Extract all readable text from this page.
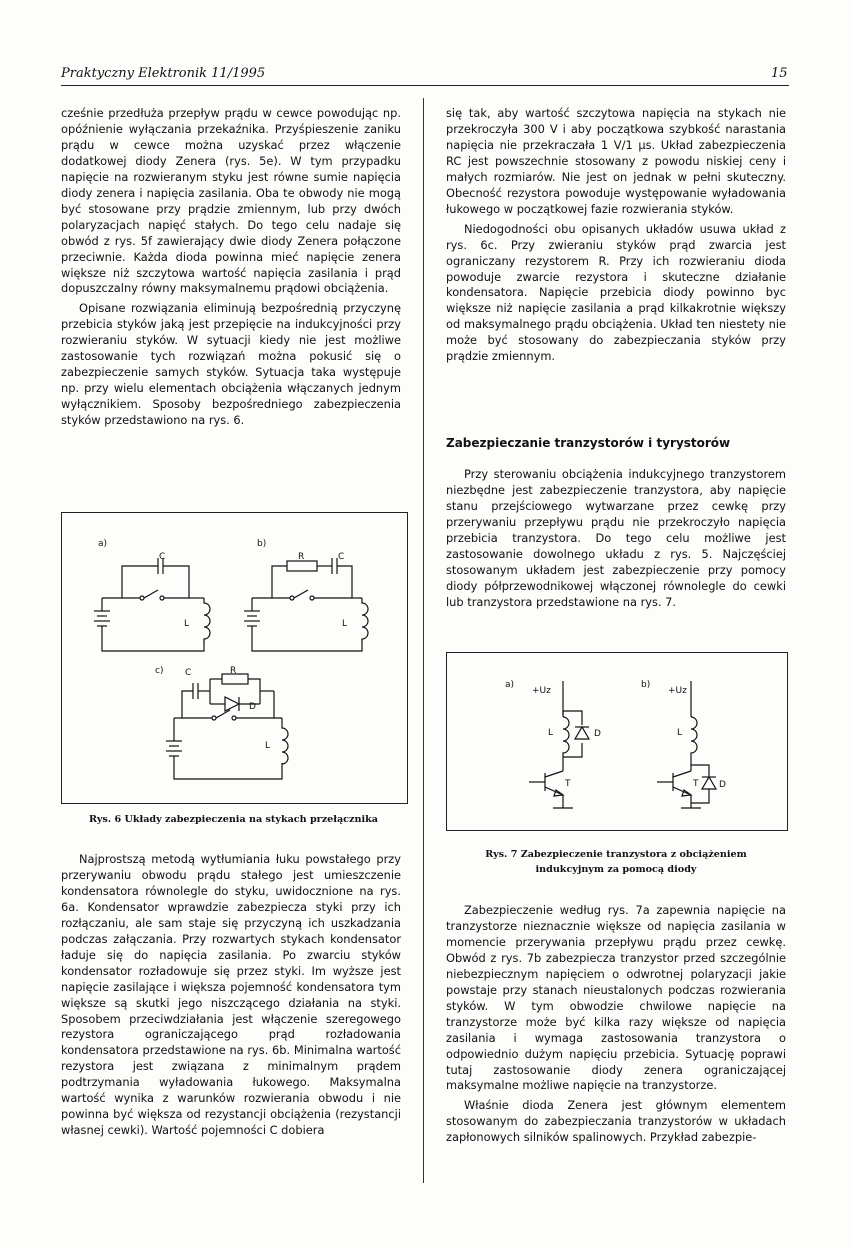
Praktyczny Elektronik 11/1995	15

cześnie przedłuża przepływ prądu w cewce powodując np. opóźnienie wyłączania przekaźnika. Przyśpieszenie zaniku prądu w cewce można uzyskać przez włączenie dodatkowej diody Zenera (rys. 5e). W tym przypadku napięcie na rozwieranym styku jest równe sumie napięcia diody zenera i napięcia zasilania. Oba te obwody nie mogą być stosowane przy prądzie zmiennym, lub przy dwóch polaryzacjach napięć stałych. Do tego celu nadaje się obwód z rys. 5f zawierający dwie diody Zenera połączone przeciwnie. Każda dioda powinna mieć napięcie zenera większe niż szczytowa wartość napięcia zasilania i prąd dopuszczalny równy maksymalnemu prądowi obciążenia.

Opisane rozwiązania eliminują bezpośrednią przyczynę przebicia styków jaką jest przepięcie na indukcyjności przy rozwieraniu styków. W sytuacji kiedy nie jest możliwe zastosowanie tych rozwiązań można pokusić się o zabezpieczenie samych styków. Sytuacja taka występuje np. przy wielu elementach obciążenia włączanych jednym wyłącznikiem. Sposoby bezpośredniego zabezpieczenia styków przedstawiono na rys. 6.

a)
C
L
b)
R	C
L
c) C	R
D
L
Rys. 6 Układy zabezpieczenia na stykach przełącznika

Najprostszą metodą wytłumiania łuku powstałego przy przerywaniu obwodu prądu stałego jest umieszczenie kondensatora równolegle do styku, uwidocznione na rys. 6a. Kondensator wprawdzie zabezpiecza styki przy ich rozłączaniu, ale sam staje się przyczyną ich uszkadzania podczas załączania. Przy rozwartych stykach kondensator ładuje się do napięcia zasilania. Po zwarciu styków kondensator rozładowuje się przez styki. Im wyższe jest napięcie zasilające i większa pojemność kondensatora tym większe są skutki jego niszczącego działania na styki. Sposobem przeciwdziałania jest włączenie szeregowego rezystora ograniczającego prąd rozładowania kondensatora przedstawione na rys. 6b. Minimalna wartość rezystora jest związana z minimalnym prądem podtrzymania wyładowania łukowego. Maksymalna wartość wynika z warunków rozwierania obwodu i nie powinna być większa od rezystancji obciążenia (rezystancji własnej cewki). Wartość pojemności C dobiera

się tak, aby wartość szczytowa napięcia na stykach nie przekroczyła 300 V i aby początkowa szybkość narastania napięcia nie przekraczała 1 V/1 µs. Układ zabezpieczenia RC jest powszechnie stosowany z powodu niskiej ceny i małych rozmiarów. Nie jest on jednak w pełni skuteczny. Obecność rezystora powoduje występowanie wyładowania łukowego w początkowej fazie rozwierania styków.

Niedogodności obu opisanych układów usuwa układ z rys. 6c. Przy zwieraniu styków prąd zwarcia jest ograniczany rezystorem R. Przy ich rozwieraniu dioda powoduje zwarcie rezystora i skuteczne działanie kondensatora. Napięcie przebicia diody powinno byc większe niż napięcie zasilania a prąd kilkakrotnie większy od maksymalnego prądu obciążenia. Układ ten niestety nie może być stosowany do zabezpieczania styków przy prądzie zmiennym.

Zabezpieczanie tranzystorów i tyrystorów

Przy sterowaniu obciążenia indukcyjnego tranzystorem niezbędne jest zabezpieczenie tranzystora, aby napięcie stanu przejściowego wytwarzane przez cewkę przy przerywaniu przepływu prądu nie przekroczyło napięcia przebicia tranzystora. Do tego celu możliwe jest zastosowanie dowolnego układu z rys. 5. Najczęściej stosowanym układem jest zabezpieczenie przy pomocy diody półprzewodnikowej włączonej równolegle do cewki lub tranzystora przedstawione na rys. 7.

a)
+Uz
L	D
T
b)
+Uz
L
D
T
Rys. 7 Zabezpieczenie tranzystora z obciążeniem
indukcyjnym za pomocą diody

Zabezpieczenie według rys. 7a zapewnia napięcie na tranzystorze nieznacznie większe od napięcia zasilania w momencie przerywania przepływu prądu przez cewkę. Obwód z rys. 7b zabezpiecza tranzystor przed szczególnie niebezpiecznym napięciem o odwrotnej polaryzacji jakie powstaje przy stanach nieustalonych podczas rozwierania styków. W tym obwodzie chwilowe napięcie na tranzystorze może być kilka razy większe od napięcia zasilania i wymaga zastosowania tranzystora o odpowiednio dużym napięciu przebicia. Sytuację poprawi tutaj zastosowanie diody zenera ograniczającej maksymalne możliwe napięcie na tranzystorze.

Właśnie dioda Zenera jest głównym elementem stosowanym do zabezpieczania tranzystorów w układach zapłonowych silników spalinowych. Przykład zabezpie-
